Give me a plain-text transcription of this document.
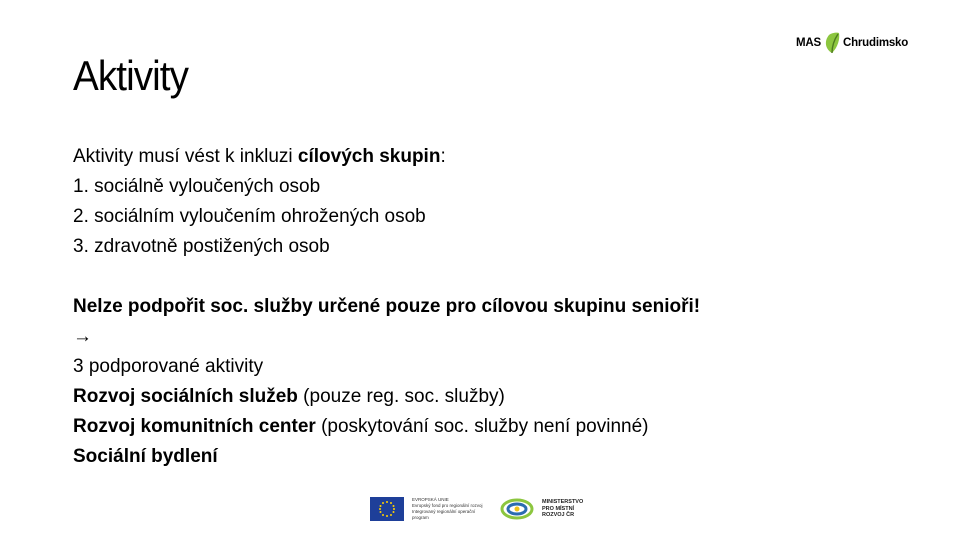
Aktivity
MAS Chrudimsko

Aktivity musí vést k inkluzi cílových skupin:

1. sociálně vyloučených osob

2. sociálním vyloučením ohrožených osob

3. zdravotně postižených osob

Nelze podpořit soc. služby určené pouze pro cílovou skupinu senioři!

→

3 podporované aktivity

Rozvoj sociálních služeb (pouze reg. soc. služby)

Rozvoj komunitních center (poskytování soc. služby není povinné)

Sociální bydlení

EVROPSKÁ UNIE
Evropský fond pro regionální rozvoj
Integrovaný regionální operační program
MINISTERSTVO
PRO MÍSTNÍ
ROZVOJ ČR
